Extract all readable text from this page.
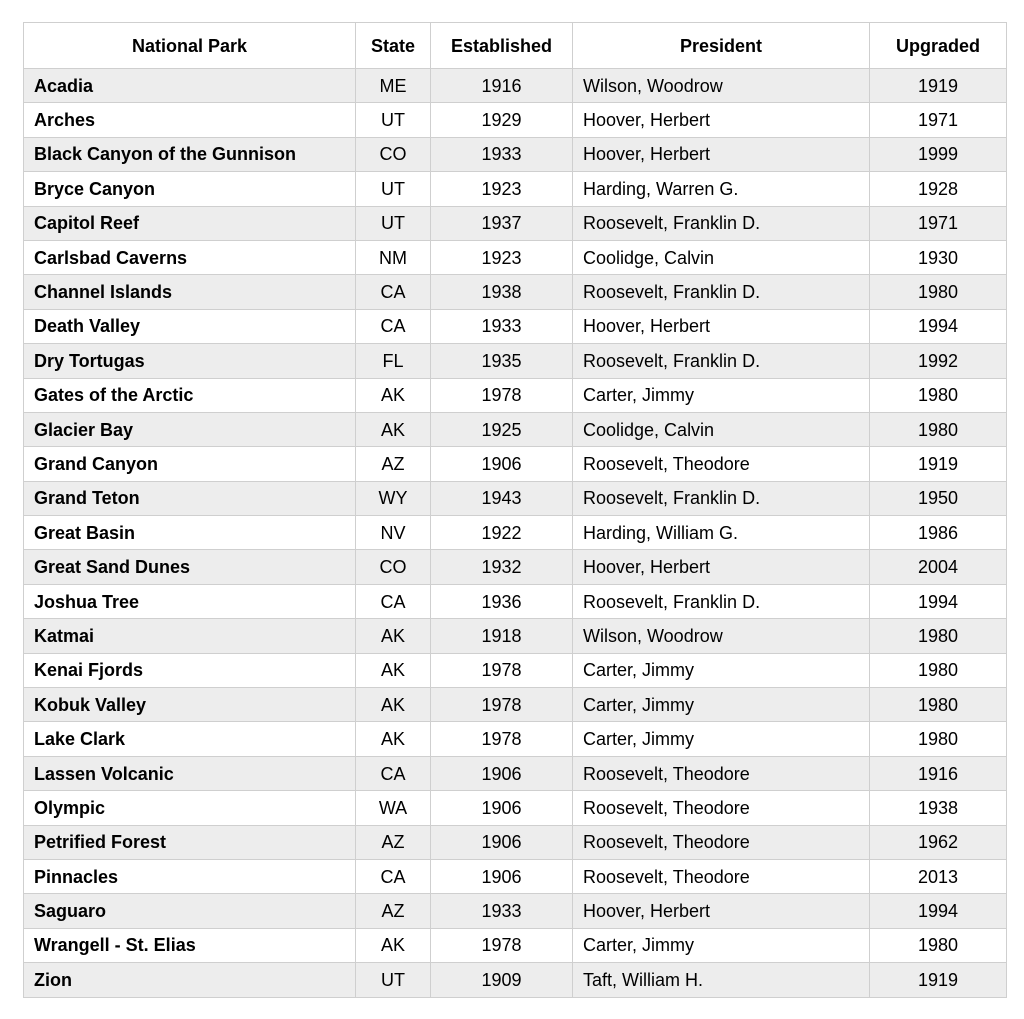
National Park	State	Established	President	Upgraded
Acadia	ME	1916	Wilson, Woodrow	1919
Arches	UT	1929	Hoover, Herbert	1971
Black Canyon of the Gunnison	CO	1933	Hoover, Herbert	1999
Bryce Canyon	UT	1923	Harding, Warren G.	1928
Capitol Reef	UT	1937	Roosevelt, Franklin D.	1971
Carlsbad Caverns	NM	1923	Coolidge, Calvin	1930
Channel Islands	CA	1938	Roosevelt, Franklin D.	1980
Death Valley	CA	1933	Hoover, Herbert	1994
Dry Tortugas	FL	1935	Roosevelt, Franklin D.	1992
Gates of the Arctic	AK	1978	Carter, Jimmy	1980
Glacier Bay	AK	1925	Coolidge, Calvin	1980
Grand Canyon	AZ	1906	Roosevelt, Theodore	1919
Grand Teton	WY	1943	Roosevelt, Franklin D.	1950
Great Basin	NV	1922	Harding, William G.	1986
Great Sand Dunes	CO	1932	Hoover, Herbert	2004
Joshua Tree	CA	1936	Roosevelt, Franklin D.	1994
Katmai	AK	1918	Wilson, Woodrow	1980
Kenai Fjords	AK	1978	Carter, Jimmy	1980
Kobuk Valley	AK	1978	Carter, Jimmy	1980
Lake Clark	AK	1978	Carter, Jimmy	1980
Lassen Volcanic	CA	1906	Roosevelt, Theodore	1916
Olympic	WA	1906	Roosevelt, Theodore	1938
Petrified Forest	AZ	1906	Roosevelt, Theodore	1962
Pinnacles	CA	1906	Roosevelt, Theodore	2013
Saguaro	AZ	1933	Hoover, Herbert	1994
Wrangell - St. Elias	AK	1978	Carter, Jimmy	1980
Zion	UT	1909	Taft, William H.	1919
